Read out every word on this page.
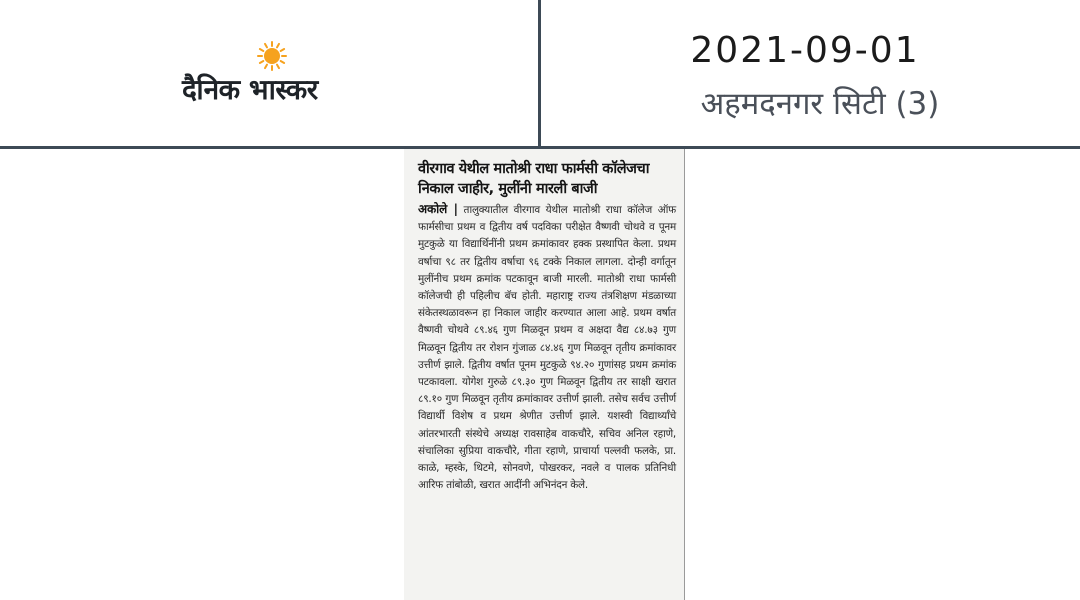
दैनिक भास्कर
2021-09-01
अहमदनगर सिटी (3)
वीरगाव येथील मातोश्री राधा फार्मसी कॉलेजचा निकाल जाहीर, मुलींनी मारली बाजी
अकोले | तालुक्यातील वीरगाव येथील मातोश्री राधा कॉलेज ऑफ फार्मसीचा प्रथम व द्वितीय वर्ष पदविका परीक्षेत वैष्णवी चोथवे व पूनम मुटकुळे या विद्यार्थिनींनी प्रथम क्रमांकावर हक्क प्रस्थापित केला. प्रथम वर्षाचा ९८ तर द्वितीय वर्षाचा ९६ टक्के निकाल लागला. दोन्ही वर्गातून मुलींनीच प्रथम क्रमांक पटकावून बाजी मारली. मातोश्री राधा फार्मसी कॉलेजची ही पहिलीच बॅच होती. महाराष्ट्र राज्य तंत्रशिक्षण मंडळाच्या संकेतस्थळावरून हा निकाल जाहीर करण्यात आला आहे. प्रथम वर्षात वैष्णवी चोथवे ८९.४६ गुण मिळवून प्रथम व अक्षदा वैद्य ८४.७३ गुण मिळवून द्वितीय तर रोशन गुंजाळ ८४.४६ गुण मिळवून तृतीय क्रमांकावर उत्तीर्ण झाले. द्वितीय वर्षात पूनम मुटकुळे ९४.२० गुणांसह प्रथम क्रमांक पटकावला. योगेश गुरुळे ८९.३० गुण मिळवून द्वितीय तर साक्षी खरात ८९.१० गुण मिळवून तृतीय क्रमांकावर उत्तीर्ण झाली. तसेच सर्वच उत्तीर्ण विद्यार्थी विशेष व प्रथम श्रेणीत उत्तीर्ण झाले. यशस्वी विद्यार्थ्यांचे आंतरभारती संस्थेचे अध्यक्ष रावसाहेब वाकचौरे, सचिव अनिल रहाणे, संचालिका सुप्रिया वाकचौरे, गीता रहाणे, प्राचार्या पल्लवी फलके, प्रा. काळे, म्हस्के, थिटमे, सोनवणे, पोखरकर, नवले व पालक प्रतिनिधी आरिफ तांबोळी, खरात आदींनी अभिनंदन केले.
